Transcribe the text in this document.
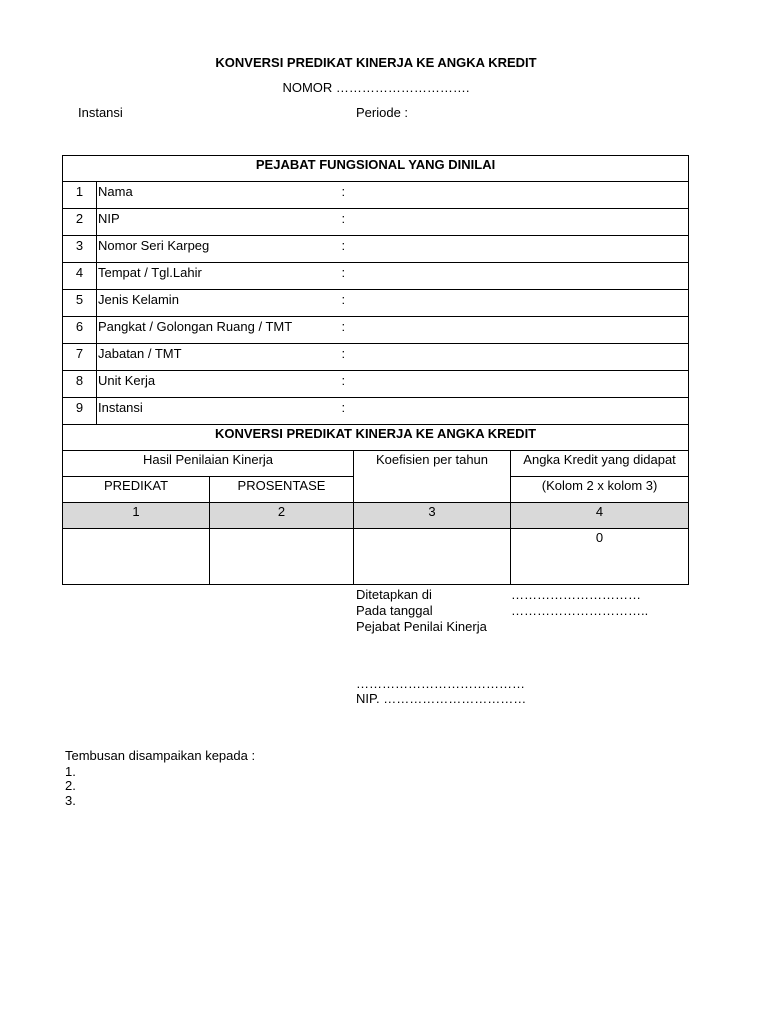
KONVERSI PREDIKAT KINERJA KE ANGKA KREDIT
NOMOR ………………………….
Instansi	Periode :
PEJABAT FUNGSIONAL YANG DINILAI					
1	Nama		:		
2	NIP		:		
3	Nomor Seri Karpeg		:		
4	Tempat / Tgl.Lahir		:		
5	Jenis Kelamin		:		
6	Pangkat / Golongan Ruang / TMT		:		
7	Jabatan / TMT		:		
8	Unit Kerja		:		
9	Instansi		:		
KONVERSI PREDIKAT KINERJA KE ANGKA KREDIT					
Hasil Penilaian Kinerja				Koefisien per tahun	Angka Kredit yang didapat
PREDIKAT		PROSENTASE			(Kolom 2 x kolom 3)
1		2		3	4
					0
Ditetapkan di	…………………………
Pada tanggal	…………………………..
Pejabat Penilai Kinerja
…………………………………
NIP. ……………………………
Tembusan disampaikan kepada :
1.
2.
3.
